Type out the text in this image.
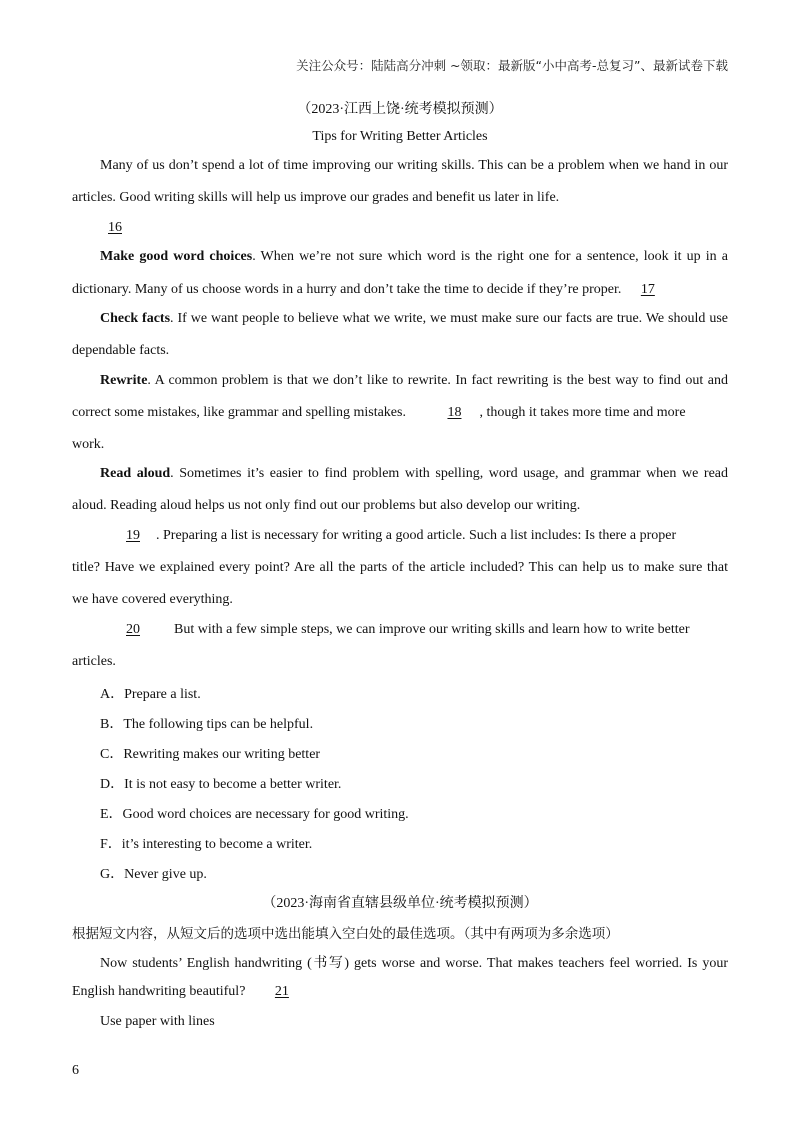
关注公众号：陆陆高分冲刺 ~领取：最新版“小中高考-总复习”、最新试卷下载
（2023·江西上饶·统考模拟预测）
Tips for Writing Better Articles
Many of us don’t spend a lot of time improving our writing skills. This can be a problem when we hand in our
articles. Good writing skills will help us improve our grades and benefit us later in life.
16
Make good word choices. When we’re not sure which word is the right one for a sentence, look it up in a
dictionary. Many of us choose words in a hurry and don’t take the time to decide if they’re proper. 17
Check facts. If we want people to believe what we write, we must make sure our facts are true. We should use
dependable facts.
Rewrite. A common problem is that we don’t like to rewrite. In fact rewriting is the best way to find out and
correct some mistakes, like grammar and spelling mistakes.	18 , though it takes more time and more
work.
Read aloud. Sometimes it’s easier to find problem with spelling, word usage, and grammar when we read
aloud. Reading aloud helps us not only find out our problems but also develop our writing.
19 . Preparing a list is necessary for writing a good article. Such a list includes: Is there a proper
title? Have we explained every point? Are all the parts of the article included? This can help us to make sure that
we have covered everything.
20 But with a few simple steps, we can improve our writing skills and learn how to write better
articles.
A．Prepare a list.
B．The following tips can be helpful.
C．Rewriting makes our writing better
D．It is not easy to become a better writer.
E．Good word choices are necessary for good writing.
F．it’s interesting to become a writer.
G．Never give up.
（2023·海南省直辖县级单位·统考模拟预测）
根据短文内容，从短文后的选项中选出能填入空白处的最佳选项。（其中有两项为多余选项）
Now students’ English handwriting (书写) gets worse and worse. That makes teachers feel worried. Is your
English handwriting beautiful? 21
Use paper with lines
6
